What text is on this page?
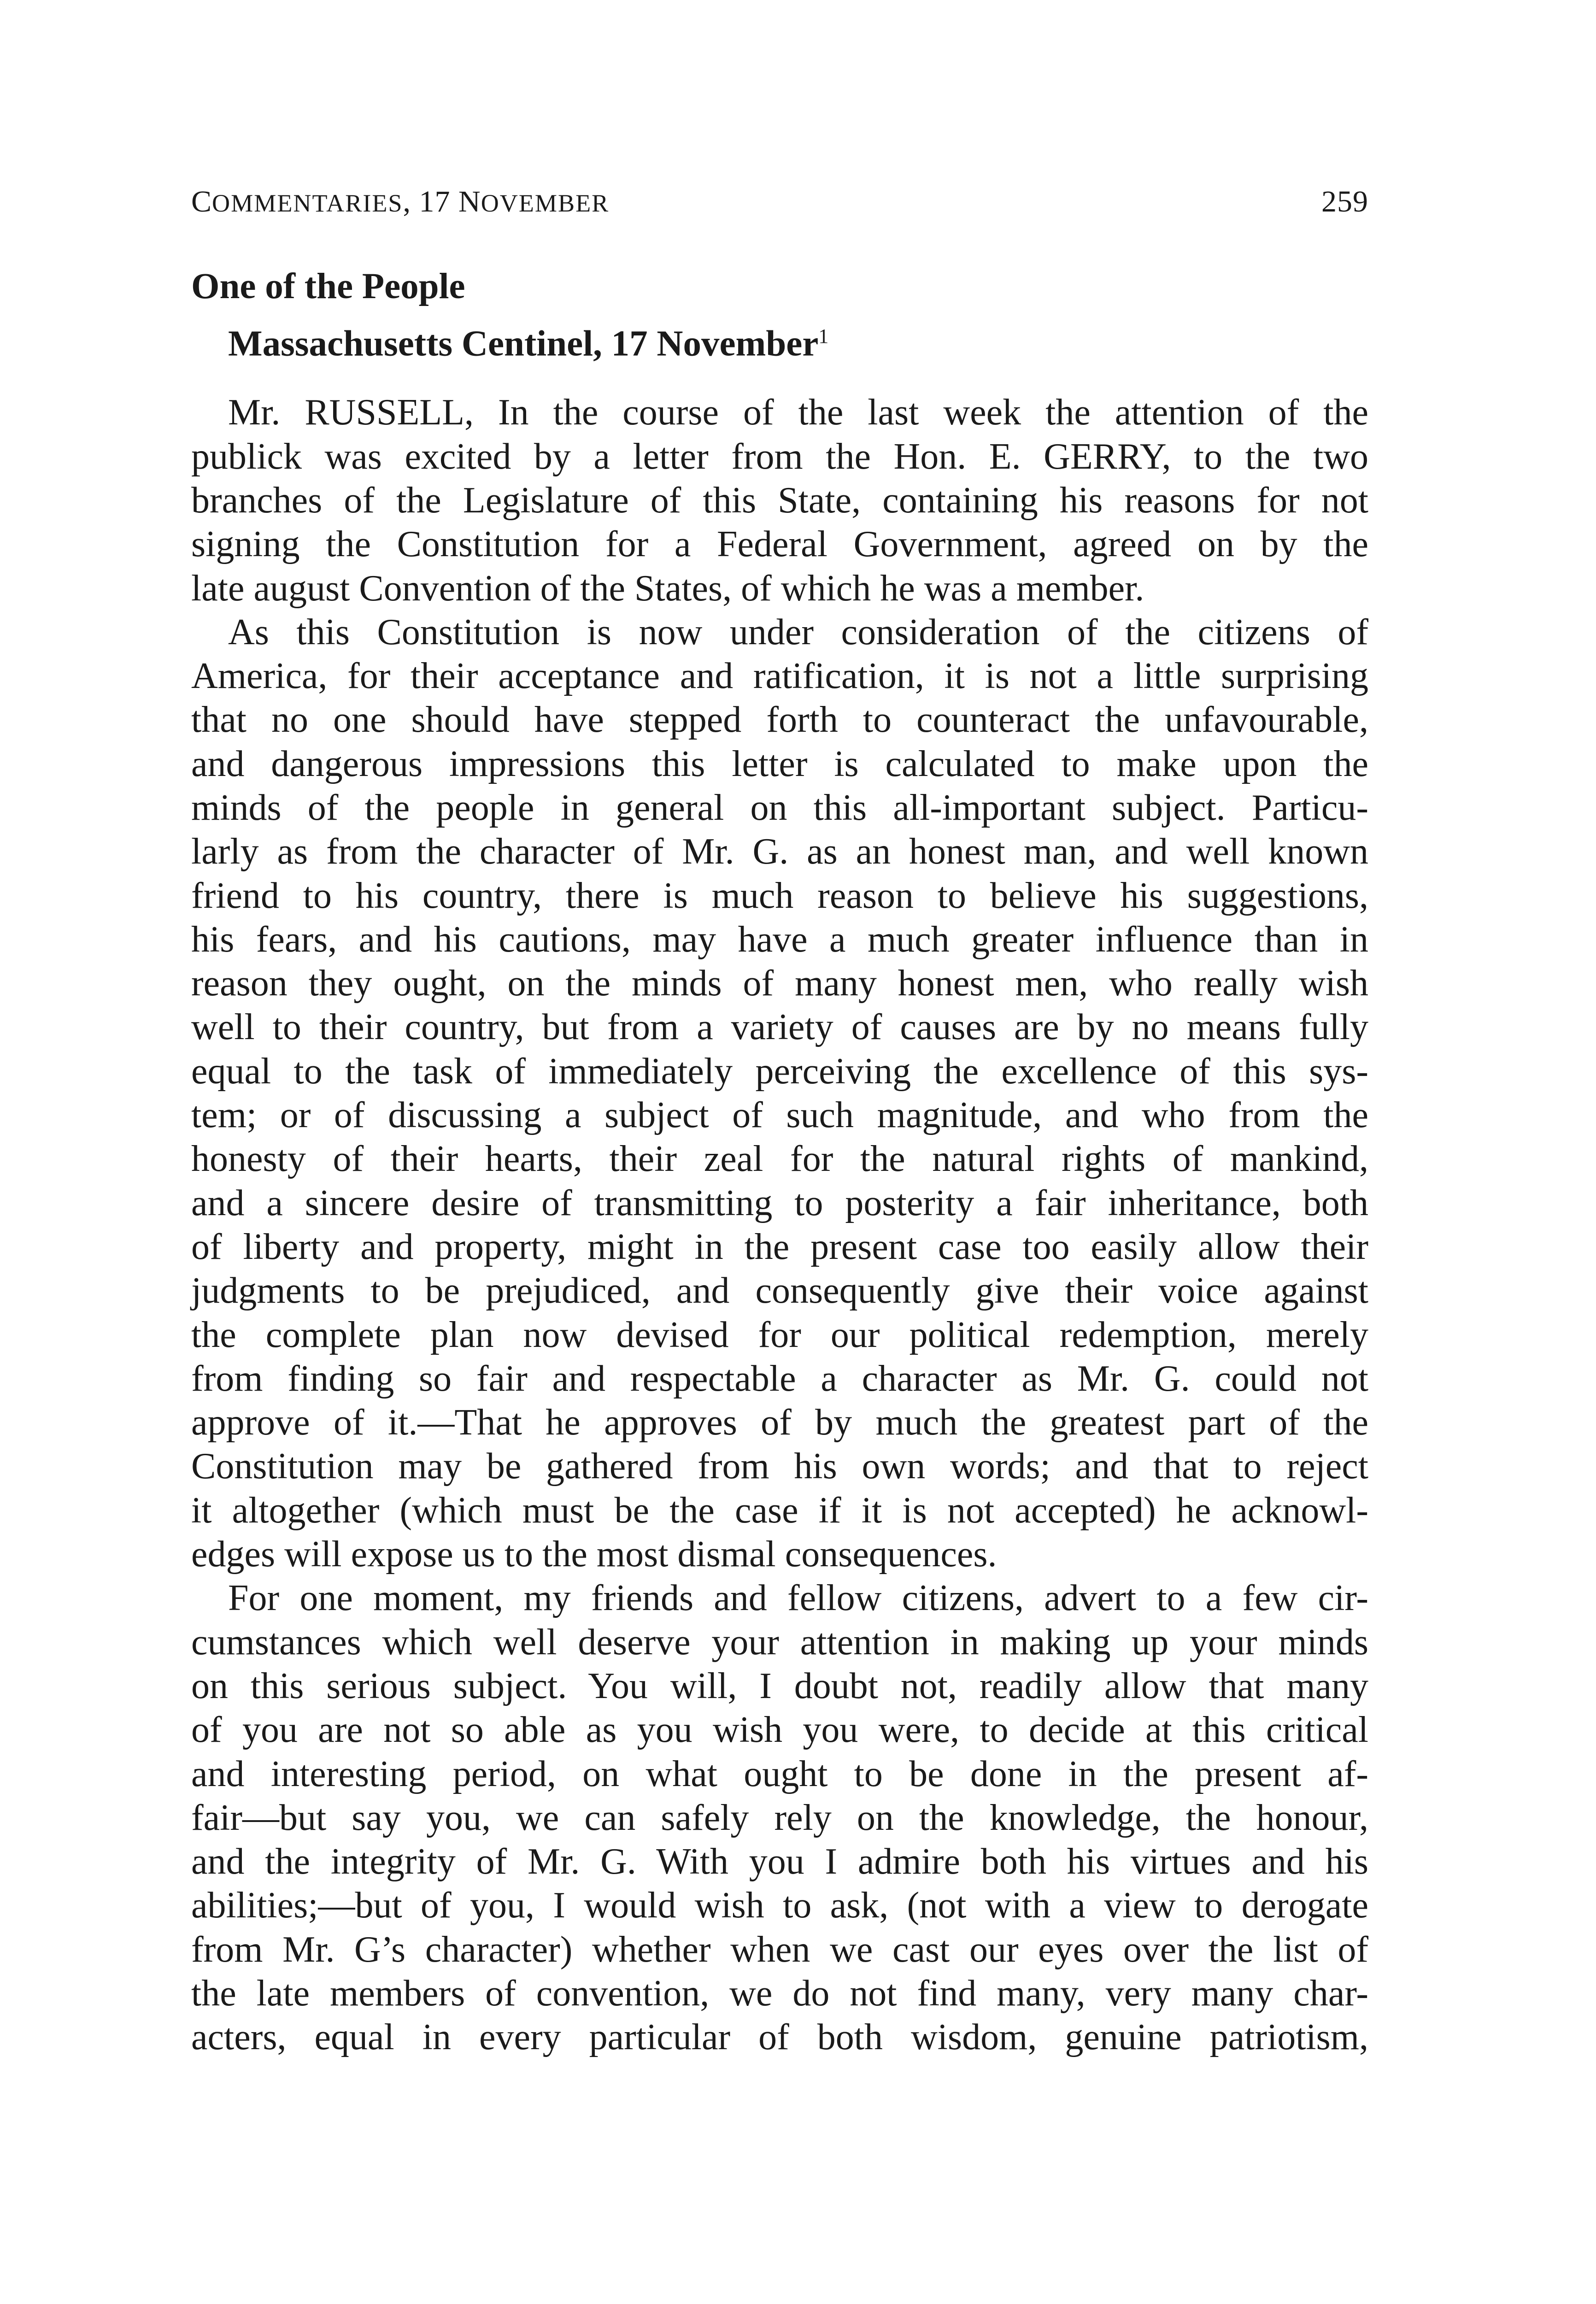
COMMENTARIES, 17 NOVEMBER	259
One of the People
Massachusetts Centinel, 17 November$^1$
Mr. RUSSELL, In the course of the last week the attention of the
publick was excited by a letter from the Hon. E. GERRY, to the two
branches of the Legislature of this State, containing his reasons for not
signing the Constitution for a Federal Government, agreed on by the
late august Convention of the States, of which he was a member.
As this Constitution is now under consideration of the citizens of
America, for their acceptance and ratification, it is not a little surprising
that no one should have stepped forth to counteract the unfavourable,
and dangerous impressions this letter is calculated to make upon the
minds of the people in general on this all-important subject. Particu-
larly as from the character of Mr. G. as an honest man, and well known
friend to his country, there is much reason to believe his suggestions,
his fears, and his cautions, may have a much greater influence than in
reason they ought, on the minds of many honest men, who really wish
well to their country, but from a variety of causes are by no means fully
equal to the task of immediately perceiving the excellence of this sys-
tem; or of discussing a subject of such magnitude, and who from the
honesty of their hearts, their zeal for the natural rights of mankind,
and a sincere desire of transmitting to posterity a fair inheritance, both
of liberty and property, might in the present case too easily allow their
judgments to be prejudiced, and consequently give their voice against
the complete plan now devised for our political redemption, merely
from finding so fair and respectable a character as Mr. G. could not
approve of it.—That he approves of by much the greatest part of the
Constitution may be gathered from his own words; and that to reject
it altogether (which must be the case if it is not accepted) he acknowl-
edges will expose us to the most dismal consequences.
For one moment, my friends and fellow citizens, advert to a few cir-
cumstances which well deserve your attention in making up your minds
on this serious subject. You will, I doubt not, readily allow that many
of you are not so able as you wish you were, to decide at this critical
and interesting period, on what ought to be done in the present af-
fair—but say you, we can safely rely on the knowledge, the honour,
and the integrity of Mr. G. With you I admire both his virtues and his
abilities;—but of you, I would wish to ask, (not with a view to derogate
from Mr. G’s character) whether when we cast our eyes over the list of
the late members of convention, we do not find many, very many char-
acters, equal in every particular of both wisdom, genuine patriotism,
